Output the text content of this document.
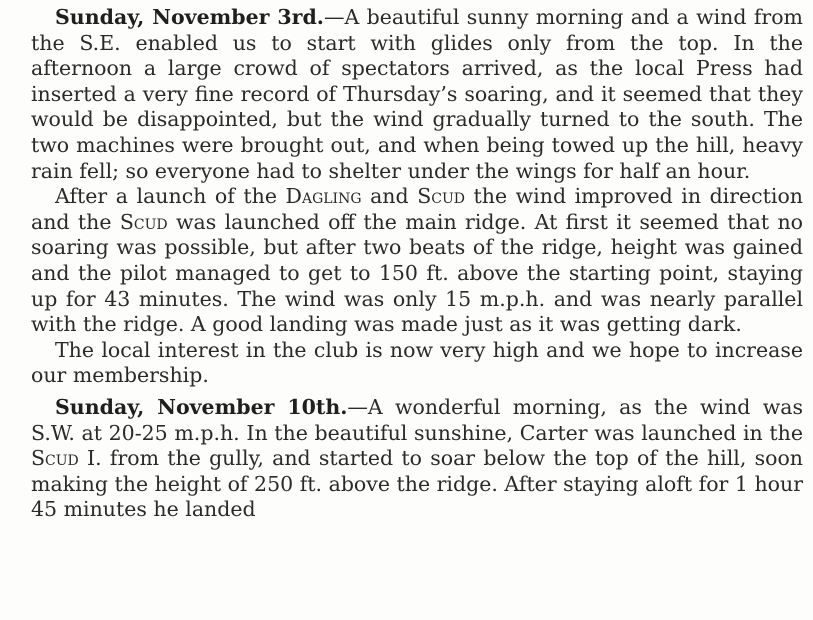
Sunday, November 3rd.—A beautiful sunny morning and a wind from the S.E. enabled us to start with glides only from the top. In the afternoon a large crowd of spectators arrived, as the local Press had inserted a very fine record of Thursday’s soaring, and it seemed that they would be disappointed, but the wind gradually turned to the south. The two machines were brought out, and when being towed up the hill, heavy rain fell; so everyone had to shelter under the wings for half an hour.

After a launch of the Dagling and Scud the wind improved in direction and the Scud was launched off the main ridge. At first it seemed that no soaring was possible, but after two beats of the ridge, height was gained and the pilot managed to get to 150 ft. above the starting point, staying up for 43 minutes. The wind was only 15 m.p.h. and was nearly parallel with the ridge. A good landing was made just as it was getting dark.

The local interest in the club is now very high and we hope to increase our membership.

Sunday, November 10th.—A wonderful morning, as the wind was S.W. at 20-25 m.p.h. In the beautiful sunshine, Carter was launched in the Scud I. from the gully, and started to soar below the top of the hill, soon making the height of 250 ft. above the ridge. After staying aloft for 1 hour 45 minutes he landed
